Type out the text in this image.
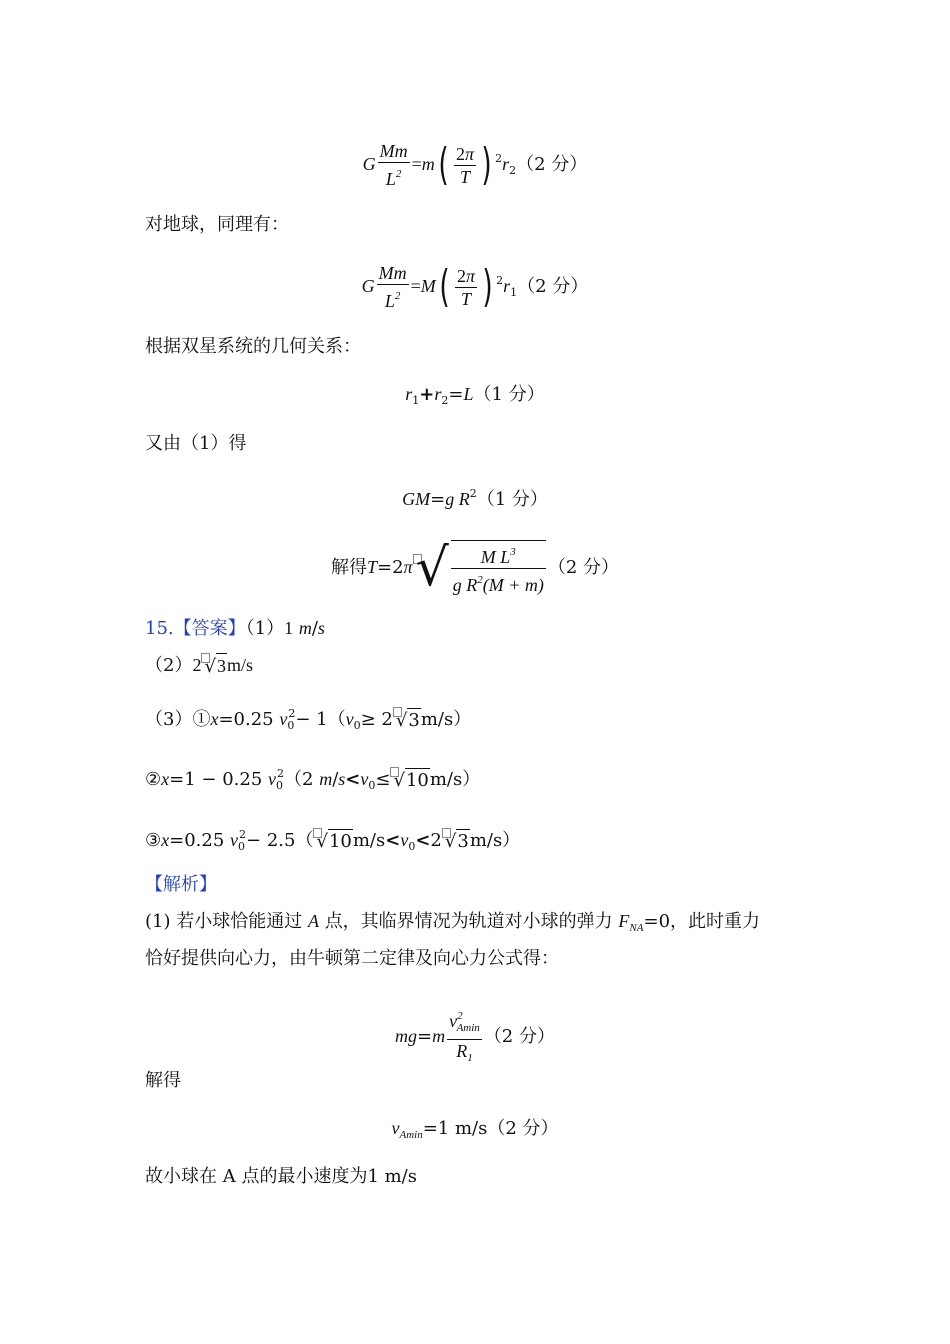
G $\frac{Mm}{L^2} =m( \frac{2\pi}{T}$ ) $^2r_2(2$ 分）
对地球，同理有：
G $\frac{Mm}{L^2} =M( \frac{2\pi}{T}$ ) $^2r_1(2$ 分）
根据双星系统的几何关系：
$r_1+r_2=L(1$ 分）
又由（1）得
GM=g $R^2(1$ 分）
解得$T=2\pi√ \frac{M L^3}{g R^2(M + m)} (2$ 分）
15.【答案】（1）1 m/s
（2）2 √3m/s
（3）①x=0.25 $v_0^2- 1(v_0\ge 2$ √3m/s）
②x=1 − 0.25 $v_0^2(2$ $m/s<v_0\le √10m/s$）
③x=0.25 $v_0^2- 2.5$（ $√10m/s<v_0<2$ √3m/s）
【解析】
(1) 若小球恰能通过 A 点，其临界情况为轨道对小球的弹力 $F_{NA}=0$，此时重力
恰好提供向心力，由牛顿第二定律及向心力公式得：
$mg=m \frac{v^2_{Amin}}{R_1} (2$ 分）
解得
$v_{Amin}=1$ m/s（2 分）
故小球在 A 点的最小速度为1 m/s
